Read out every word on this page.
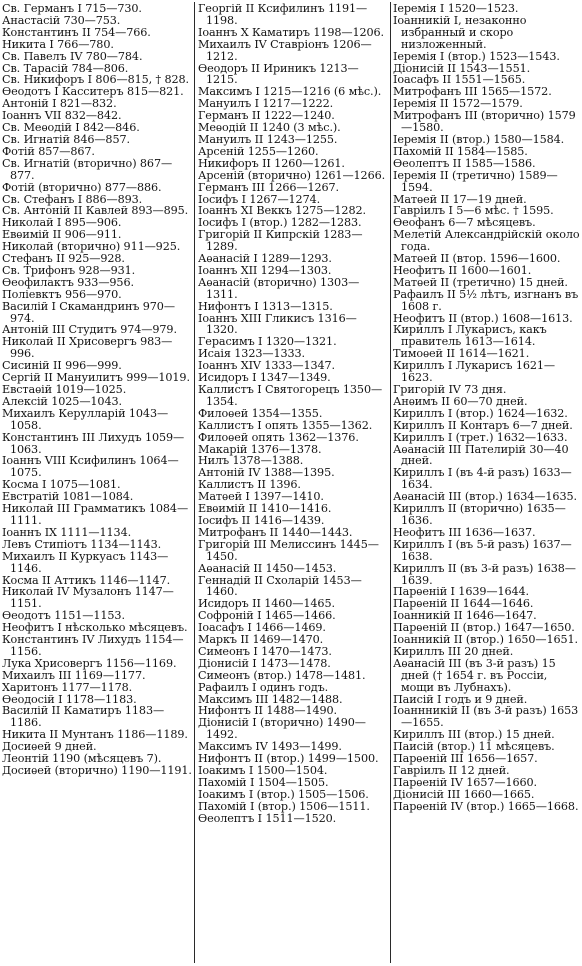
Св. Германъ I 715—730.

Анастасій 730—753.

Константинъ II 754—766.

Никита I 766—780.

Св. Павелъ IV 780—784.

Св. Тарасій 784—806.

Св. Никифоръ I 806—815, † 828.

Ѳеодотъ I Касситеръ 815—821.

Антоній I 821—832.

Іоаннъ VII 832—842.

Св. Меѳодій I 842—846.

Св. Игнатій 846—857.

Фотій 857—867.

Св. Игнатій (вторично) 867—877.

Фотій (вторично) 877—886.

Св. Стефанъ I 886—893.

Св. Антоній II Кавлей 893—895.

Николай I 895—906.

Евѳимій II 906—911.

Николай (вторично) 911—925.

Стефанъ II 925—928.

Св. Трифонъ 928—931.

Ѳеофилактъ 933—956.

Поліевктъ 956—970.

Василій I Скамандринъ 970—974.

Антоній III Студитъ 974—979.

Николай II Хрисовергъ 983—996.

Сисиній II 996—999.

Сергій II Мануилитъ 999—1019.

Евстаѳій 1019—1025.

Алексій 1025—1043.

Михаилъ Керулларій 1043—1058.

Константинъ III Лихудъ 1059—1063.

Іоаннъ VIII Ксифилинъ 1064—1075.

Косма I 1075—1081.

Евстратій 1081—1084.

Николай III Грамматикъ 1084—1111.

Іоаннъ IX 1111—1134.

Левъ Стипіотъ 1134—1143.

Михаилъ II Куркуасъ 1143—1146.

Косма II Аттикъ 1146—1147.

Николай IV Музалонъ 1147—1151.

Ѳеодотъ 1151—1153.

Неофитъ I нѣсколько мѣсяцевъ.

Константинъ IV Лихудъ 1154—1156.

Лука Хрисовергъ 1156—1169.

Михаилъ III 1169—1177.

Харитонъ 1177—1178.

Ѳеодосій I 1178—1183.

Василій II Каматиръ 1183—1186.

Никита II Мунтанъ 1186—1189.

Досиѳей 9 дней.

Леонтій 1190 (мѣсяцевъ 7).

Досиѳей (вторично) 1190—1191.

Георгій II Ксифилинъ 1191—1198.

Іоаннъ X Каматиръ 1198—1206.

Михаилъ IV Ставріонъ 1206—1212.

Ѳеодоръ II Ириникъ 1213—1215.

Максимъ I 1215—1216 (6 мѣс.).

Мануилъ I 1217—1222.

Германъ II 1222—1240.

Меѳодій II 1240 (3 мѣс.).

Мануилъ II 1243—1255.

Арсеній 1255—1260.

Никифоръ II 1260—1261.

Арсеній (вторично) 1261—1266.

Германъ III 1266—1267.

Іосифъ I 1267—1274.

Іоаннъ XI Веккъ 1275—1282.

Іосифъ I (втор.) 1282—1283.

Григорій II Кипрскій 1283—1289.

Аѳанасій I 1289—1293.

Іоаннъ XII 1294—1303.

Аѳанасій (вторично) 1303—1311.

Нифонтъ I 1313—1315.

Іоаннъ XIII Гликисъ 1316—1320.

Герасимъ I 1320—1321.

Исаія 1323—1333.

Іоаннъ XIV 1333—1347.

Исидоръ I 1347—1349.

Каллистъ I Святогорецъ 1350—1354.

Филоѳей 1354—1355.

Каллистъ I опять 1355—1362.

Филоѳей опять 1362—1376.

Макарій 1376—1378.

Нилъ 1378—1388.

Антоній IV 1388—1395.

Каллистъ II 1396.

Матѳей I 1397—1410.

Евѳимій II 1410—1416.

Іосифъ II 1416—1439.

Митрофанъ II 1440—1443.

Григорій III Мелиссинъ 1445—1450.

Аѳанасій II 1450—1453.

Геннадій II Схоларій 1453—1460.

Исидоръ II 1460—1465.

Софроній I 1465—1466.

Іоасафъ I 1466—1469.

Маркъ II 1469—1470.

Симеонъ I 1470—1473.

Діонисій I 1473—1478.

Симеонъ (втор.) 1478—1481.

Рафаилъ I одинъ годъ.

Максимъ III 1482—1488.

Нифонтъ II 1488—1490.

Діонисій I (вторично) 1490—1492.

Максимъ IV 1493—1499.

Нифонтъ II (втор.) 1499—1500.

Іоакимъ I 1500—1504.

Пахомій I 1504—1505.

Іоакимъ I (втор.) 1505—1506.

Пахомій I (втор.) 1506—1511.

Ѳеолептъ I 1511—1520.

Іеремія I 1520—1523.

Іоанникій I, незаконно избранный и скоро низложенный.

Іеремія I (втор.) 1523—1543.

Діонисій II 1543—1551.

Іоасафъ II 1551—1565.

Митрофанъ III 1565—1572.

Іеремія II 1572—1579.

Митрофанъ III (вторично) 1579—1580.

Іеремія II (втор.) 1580—1584.

Пахомій II 1584—1585.

Ѳеолептъ II 1585—1586.

Іеремія II (третично) 1589—1594.

Матѳей II 17—19 дней.

Гавріилъ I 5—6 мѣс. † 1595.

Ѳеофанъ 6—7 мѣсяцевъ.

Мелетій Александрійскій около года.

Матѳей II (втор. 1596—1600.

Неофитъ II 1600—1601.

Матѳей II (третично) 15 дней.

Рафаилъ II 5½ лѣтъ, изгнанъ въ 1608 г.

Неофитъ II (втор.) 1608—1613.

Кириллъ I Лукарисъ, какъ правитель 1613—1614.

Тимоѳей II 1614—1621.

Кириллъ I Лукарисъ 1621—1623.

Григорій IV 73 дня.

Анѳимъ II 60—70 дней.

Кириллъ I (втор.) 1624—1632.

Кириллъ II Контаръ 6—7 дней.

Кириллъ I (трет.) 1632—1633.

Аѳанасій III Пателирій 30—40 дней.

Кириллъ I (въ 4-й разъ) 1633—1634.

Аѳанасій III (втор.) 1634—1635.

Кириллъ II (вторично) 1635—1636.

Неофитъ III 1636—1637.

Кириллъ I (въ 5-й разъ) 1637—1638.

Кириллъ II (въ 3-й разъ) 1638—1639.

Парѳеній I 1639—1644.

Парѳеній II 1644—1646.

Іоанникій II 1646—1647.

Парѳеній II (втор.) 1647—1650.

Іоанникій II (втор.) 1650—1651.

Кириллъ III 20 дней.

Аѳанасій III (въ 3-й разъ) 15 дней († 1654 г. въ Россіи, мощи въ Лубнахъ).

Паисій I годъ и 9 дней.

Іоаннникій II (въ 3-й разъ) 1653—1655.

Кириллъ III (втор.) 15 дней.

Паисій (втор.) 11 мѣсяцевъ.

Парѳеній III 1656—1657.

Гавріилъ II 12 дней.

Парѳеній IV 1657—1660.

Діонисій III 1660—1665.

Парѳеній IV (втор.) 1665—1668.
